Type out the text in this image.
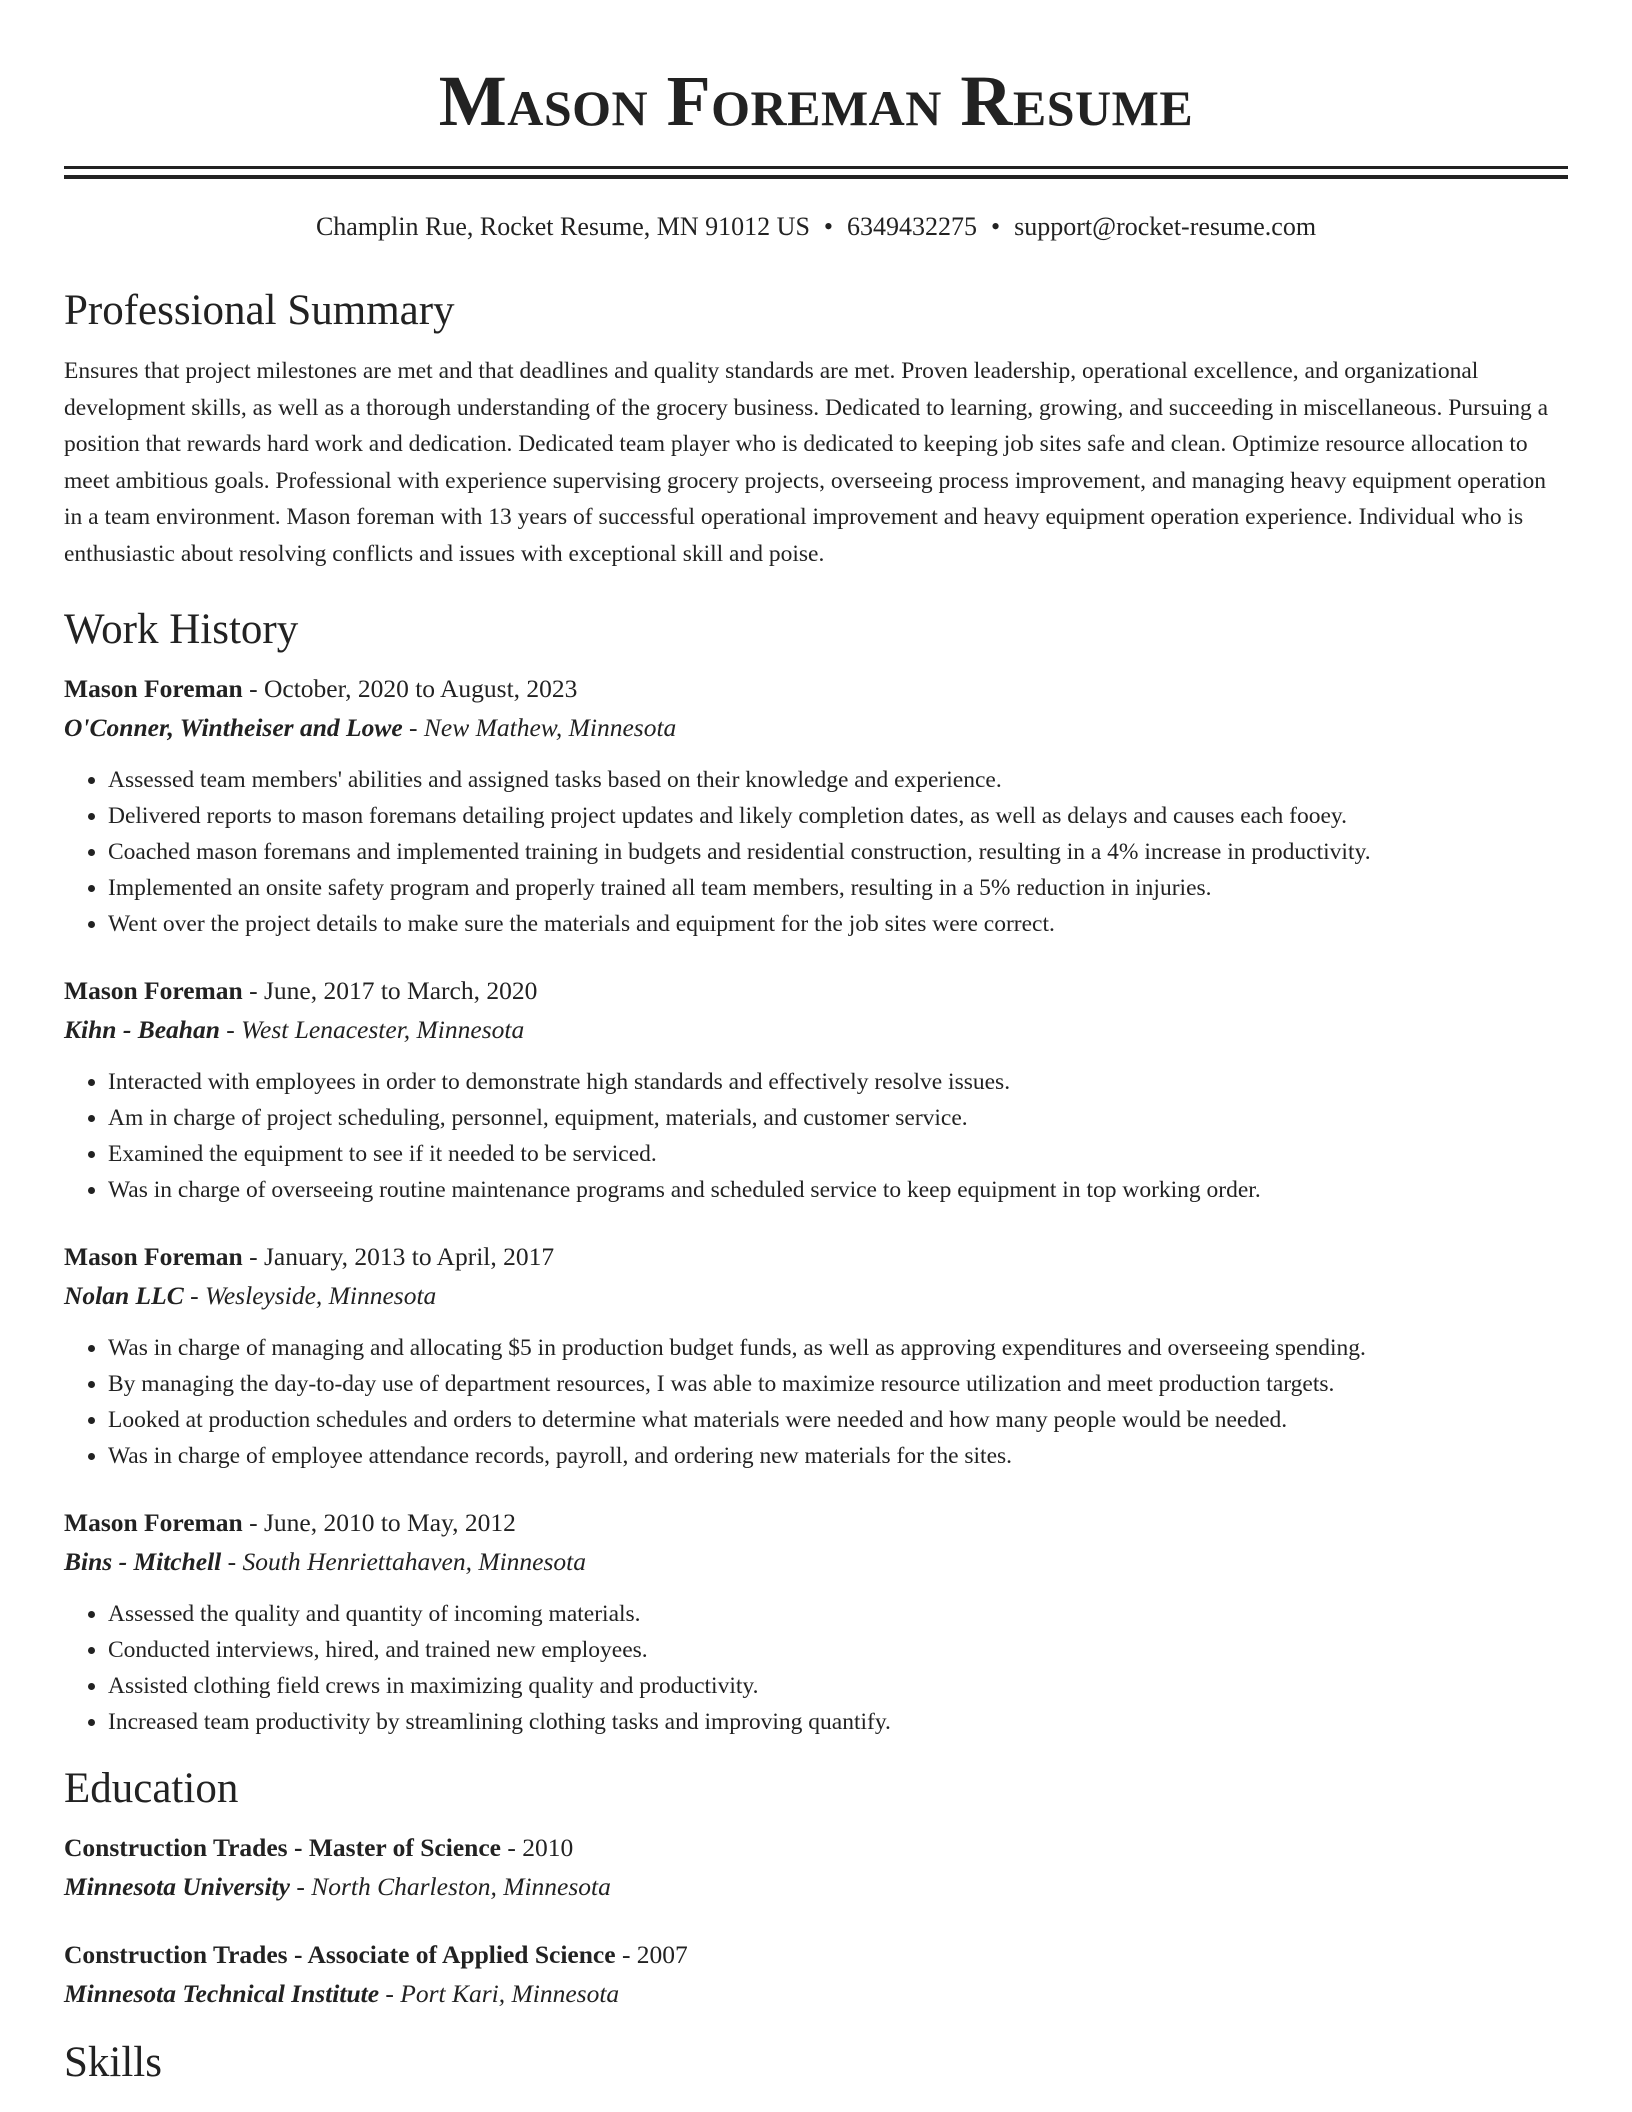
Mason Foreman Resume
Champlin Rue, Rocket Resume, MN 91012 US • 6349432275 • support@rocket-resume.com
Professional Summary

Ensures that project milestones are met and that deadlines and quality standards are met. Proven leadership, operational excellence, and organizational development skills, as well as a thorough understanding of the grocery business. Dedicated to learning, growing, and succeeding in miscellaneous. Pursuing a position that rewards hard work and dedication. Dedicated team player who is dedicated to keeping job sites safe and clean. Optimize resource allocation to meet ambitious goals. Professional with experience supervising grocery projects, overseeing process improvement, and managing heavy equipment operation in a team environment. Mason foreman with 13 years of successful operational improvement and heavy equipment operation experience. Individual who is enthusiastic about resolving conflicts and issues with exceptional skill and poise.

Work History
Mason Foreman - October, 2020 to August, 2023
O'Conner, Wintheiser and Lowe - New Mathew, Minnesota
• Assessed team members' abilities and assigned tasks based on their knowledge and experience.
• Delivered reports to mason foremans detailing project updates and likely completion dates, as well as delays and causes each fooey.
• Coached mason foremans and implemented training in budgets and residential construction, resulting in a 4% increase in productivity.
• Implemented an onsite safety program and properly trained all team members, resulting in a 5% reduction in injuries.
• Went over the project details to make sure the materials and equipment for the job sites were correct.
Mason Foreman - June, 2017 to March, 2020
Kihn - Beahan - West Lenacester, Minnesota
• Interacted with employees in order to demonstrate high standards and effectively resolve issues.
• Am in charge of project scheduling, personnel, equipment, materials, and customer service.
• Examined the equipment to see if it needed to be serviced.
• Was in charge of overseeing routine maintenance programs and scheduled service to keep equipment in top working order.
Mason Foreman - January, 2013 to April, 2017
Nolan LLC - Wesleyside, Minnesota
• Was in charge of managing and allocating $5 in production budget funds, as well as approving expenditures and overseeing spending.
• By managing the day-to-day use of department resources, I was able to maximize resource utilization and meet production targets.
• Looked at production schedules and orders to determine what materials were needed and how many people would be needed.
• Was in charge of employee attendance records, payroll, and ordering new materials for the sites.
Mason Foreman - June, 2010 to May, 2012
Bins - Mitchell - South Henriettahaven, Minnesota
• Assessed the quality and quantity of incoming materials.
• Conducted interviews, hired, and trained new employees.
• Assisted clothing field crews in maximizing quality and productivity.
• Increased team productivity by streamlining clothing tasks and improving quantify.
Education
Construction Trades - Master of Science - 2010
Minnesota University - North Charleston, Minnesota
Construction Trades - Associate of Applied Science - 2007
Minnesota Technical Institute - Port Kari, Minnesota
Skills
